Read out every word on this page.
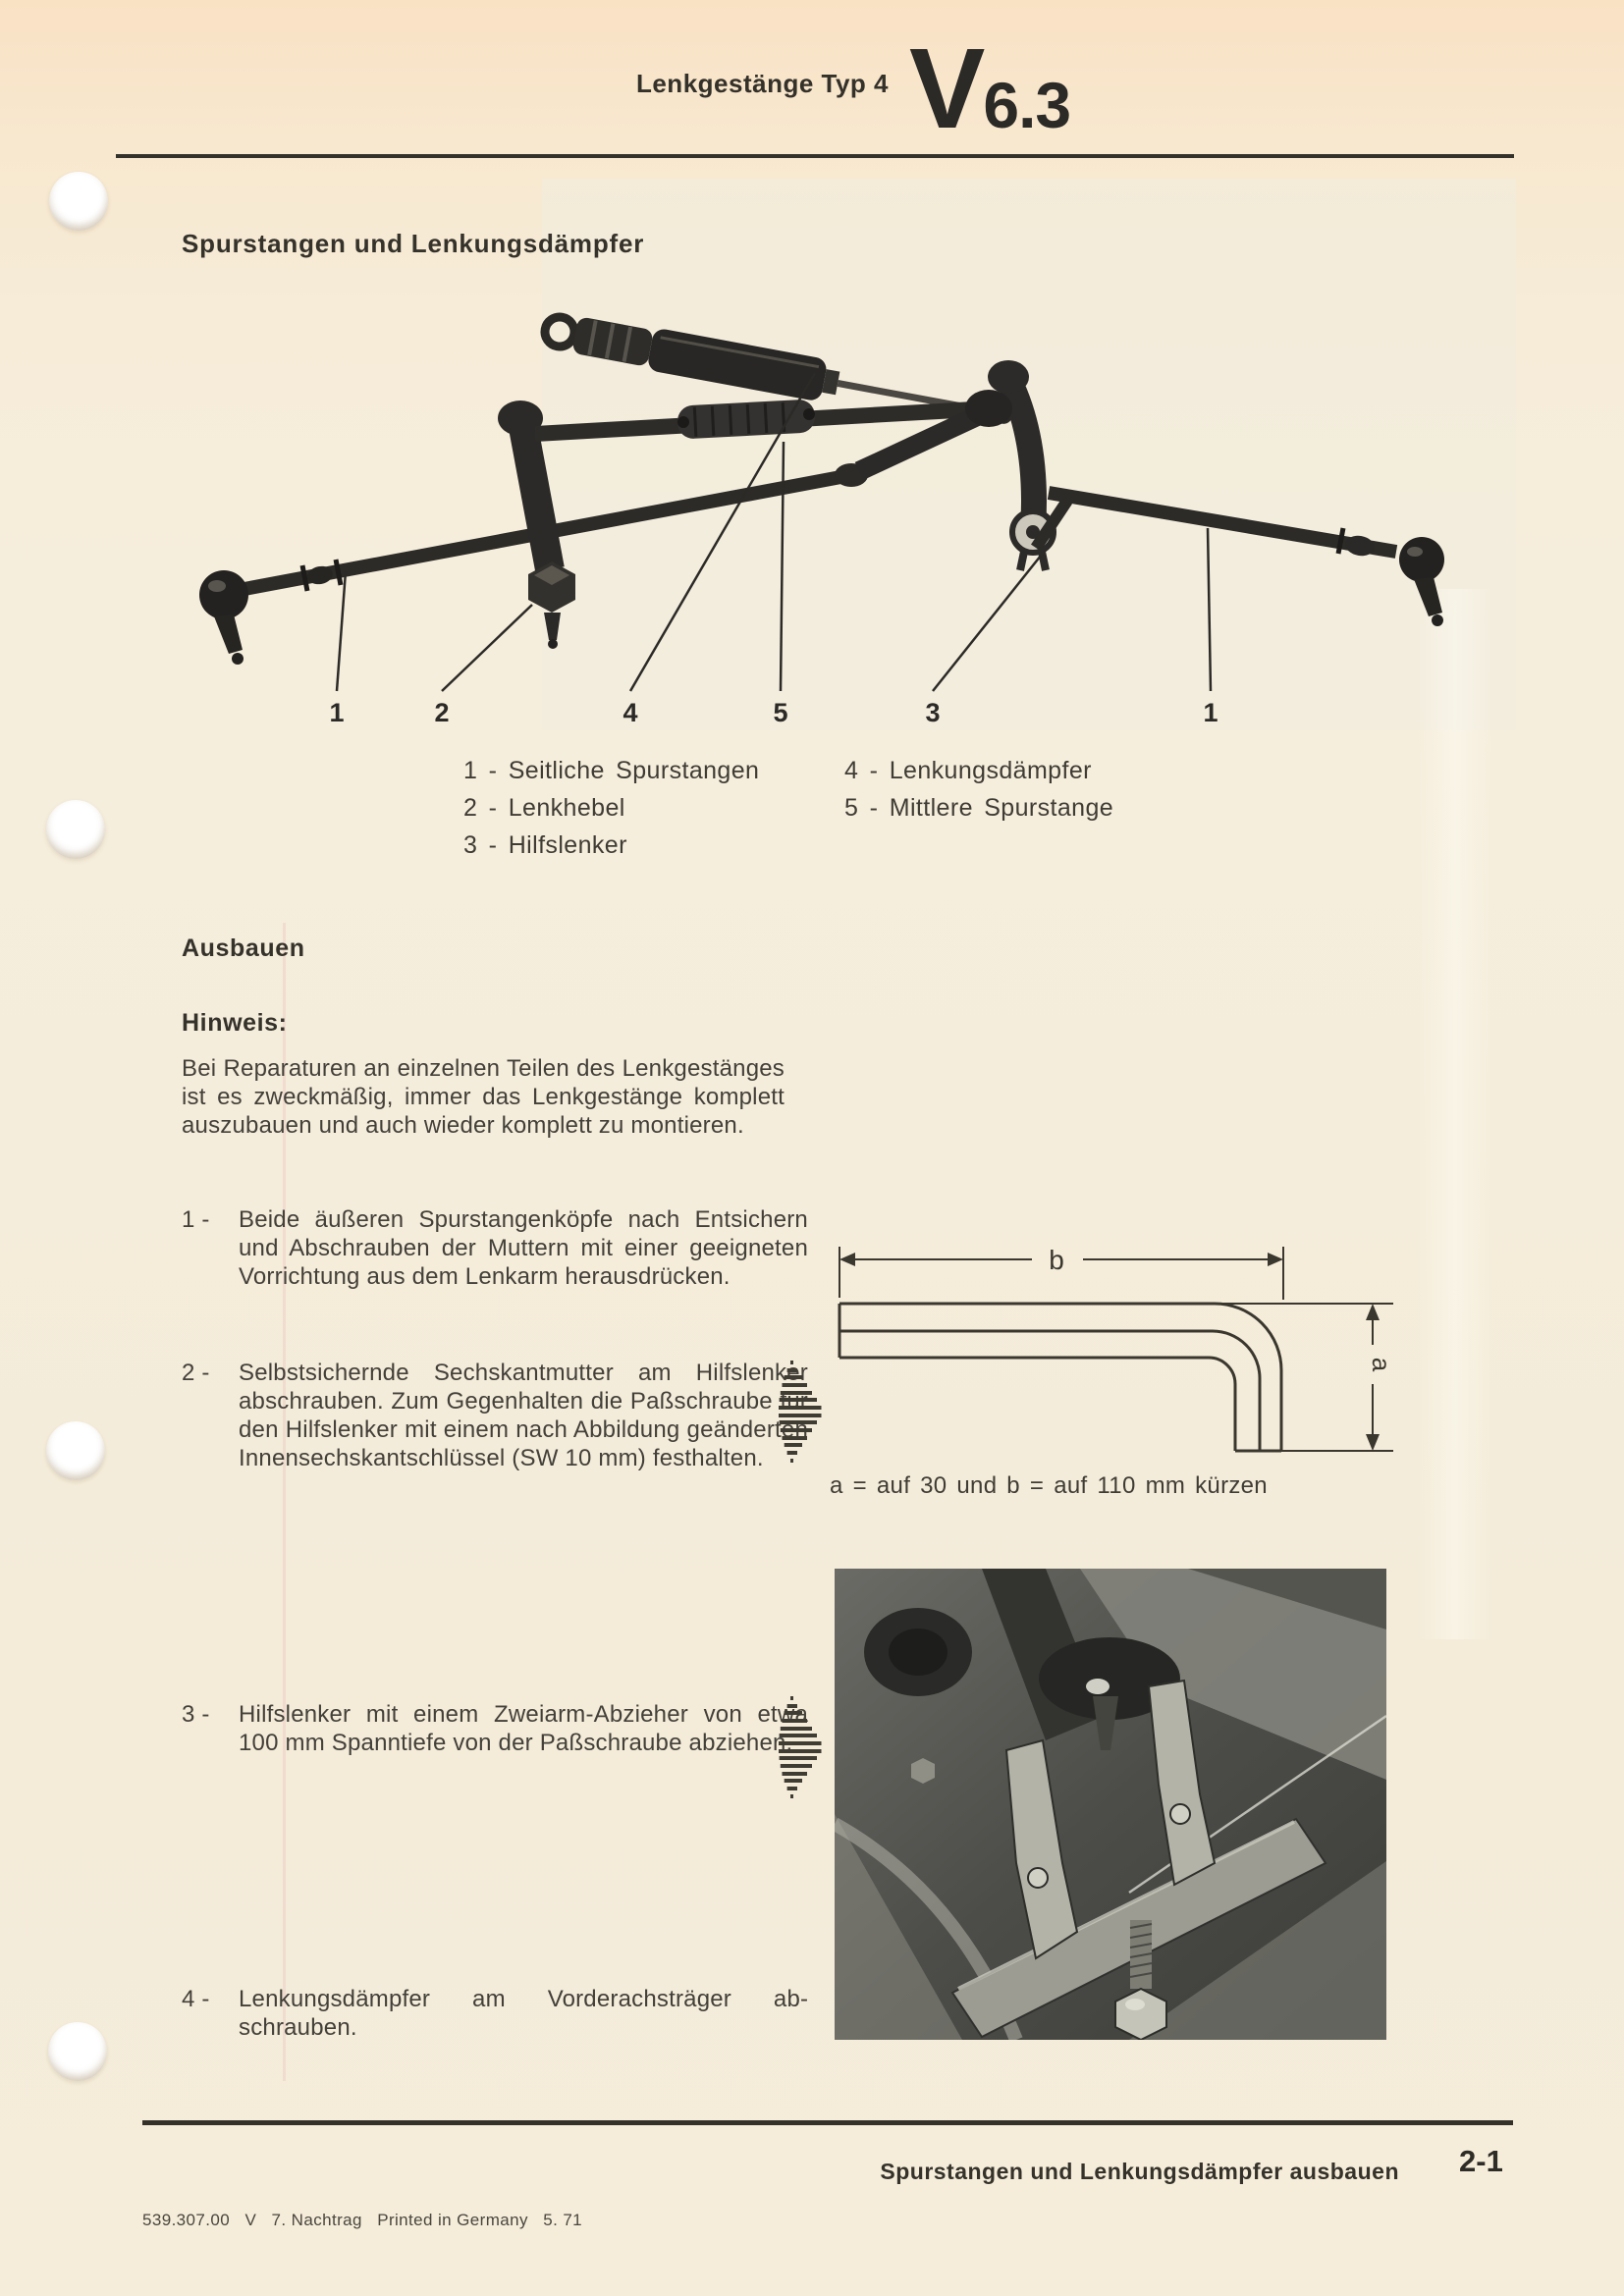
Lenkgestänge Typ 4 V 6.3
Spurstangen und Lenkungsdämpfer
1	2	4	5	3	1
1 - Seitliche Spurstangen
2 - Lenkhebel
3 - Hilfslenker
4 - Lenkungsdämpfer
5 - Mittlere Spurstange
Ausbauen
Hinweis:
Bei Reparaturen an einzelnen Teilen des Lenkgestänges ist es zweckmäßig, immer das Lenkgestänge komplett auszubauen und auch wieder komplett zu montieren.
1 -	Beide äußeren Spurstangenköpfe nach Entsichern und Abschrauben der Muttern mit einer geeigneten Vorrichtung aus dem Lenkarm herausdrücken.
2 -	Selbstsichernde Sechskantmutter am Hilfslenker abschrauben. Zum Gegenhalten die Paßschraube für den Hilfslenker mit einem nach Abbildung geänderten Innensechskantschlüssel (SW 10 mm) festhalten.
3 -	Hilfslenker mit einem Zweiarm-Abzieher von etwa 100 mm Spanntiefe von der Paßschraube abziehen.
4 -	Lenkungsdämpfer am Vorderachsträger abschrauben.
b
a
a = auf 30 und b = auf 110 mm kürzen
Spurstangen und Lenkungsdämpfer ausbauen 2-1
539.307.00   V   7. Nachtrag   Printed in Germany   5. 71
